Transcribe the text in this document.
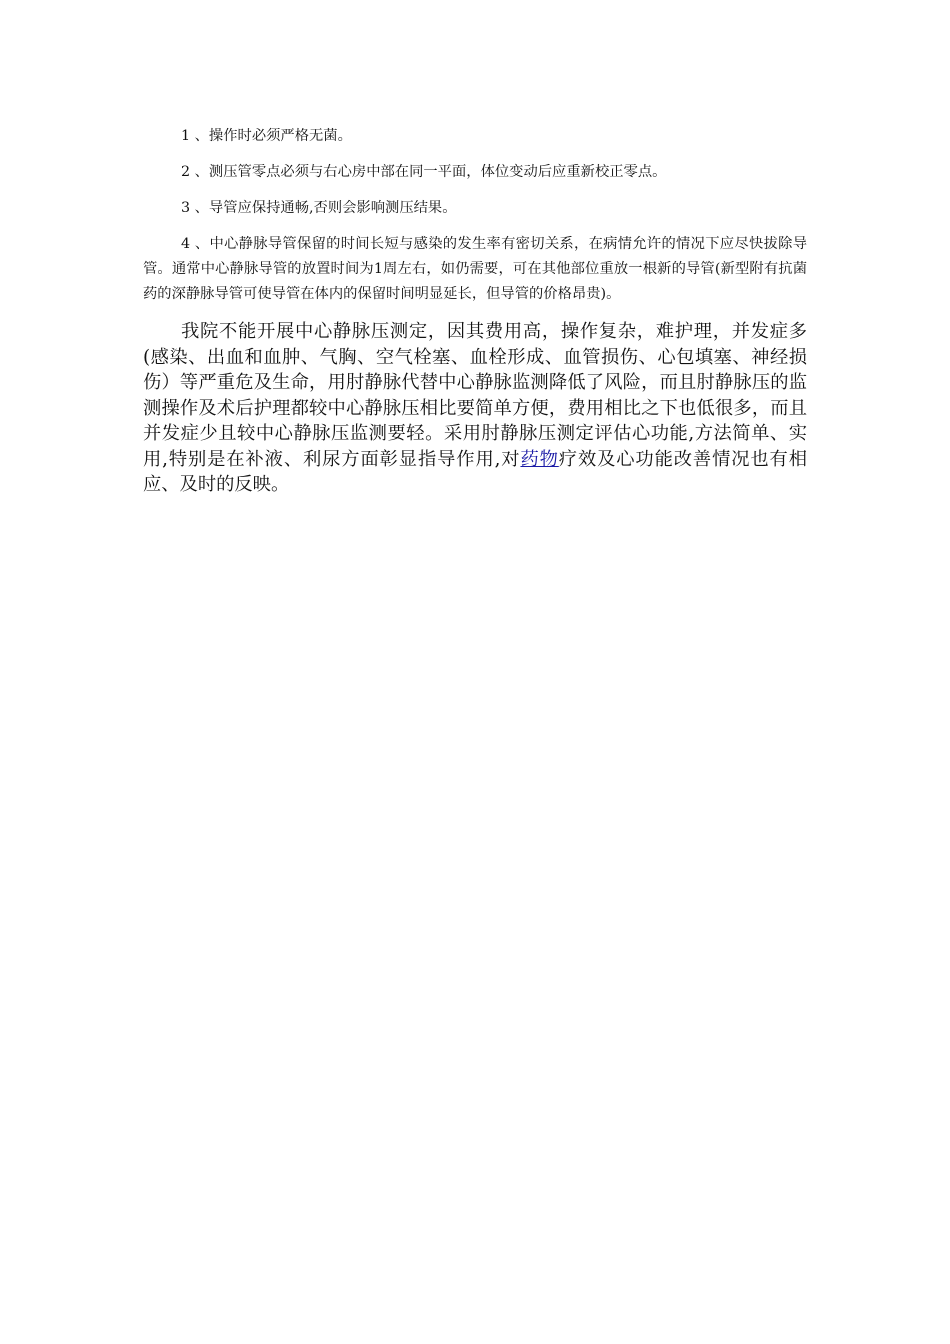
1 、操作时必须严格无菌。

2 、测压管零点必须与右心房中部在同一平面，体位变动后应重新校正零点。

3 、导管应保持通畅,否则会影响测压结果。

4 、中心静脉导管保留的时间长短与感染的发生率有密切关系，在病情允许的情况下应尽快拔除导管。通常中心静脉导管的放置时间为1周左右，如仍需要，可在其他部位重放一根新的导管(新型附有抗菌药的深静脉导管可使导管在体内的保留时间明显延长，但导管的价格昂贵)。

我院不能开展中心静脉压测定，因其费用高，操作复杂，难护理，并发症多(感染、出血和血肿、气胸、空气栓塞、血栓形成、血管损伤、心包填塞、神经损伤）等严重危及生命，用肘静脉代替中心静脉监测降低了风险，而且肘静脉压的监测操作及术后护理都较中心静脉压相比要简单方便，费用相比之下也低很多，而且并发症少且较中心静脉压监测要轻。采用肘静脉压测定评估心功能,方法简单、实用,特别是在补液、利尿方面彰显指导作用,对药物疗效及心功能改善情况也有相应、及时的反映。
